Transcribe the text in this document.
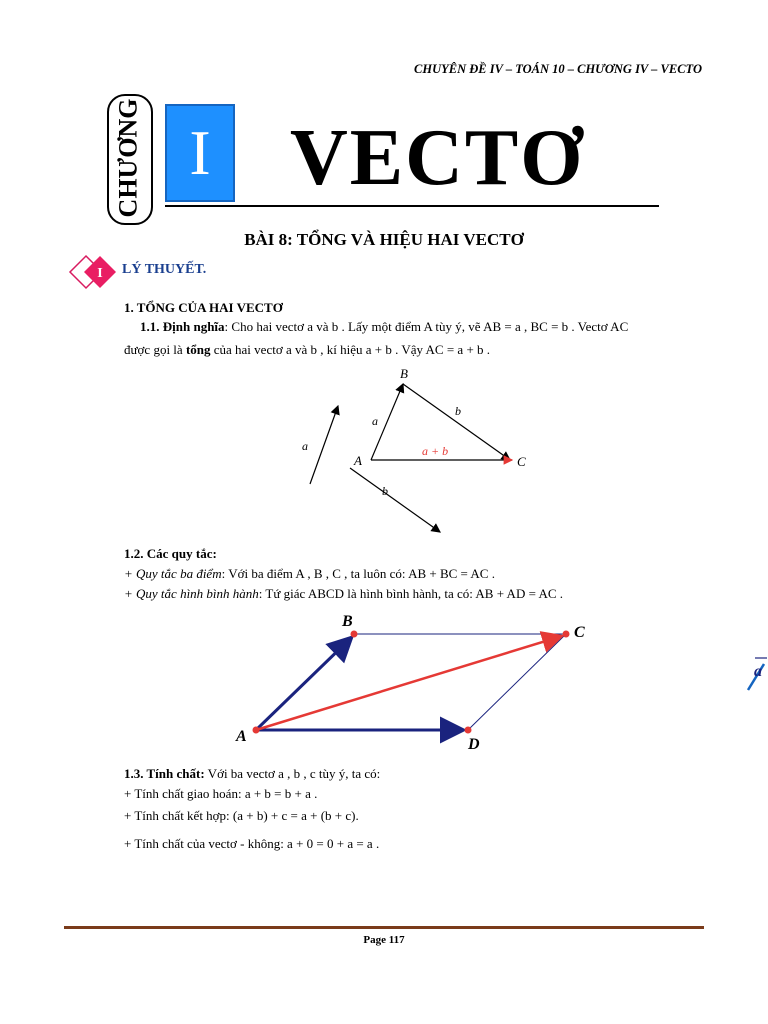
CHUYÊN ĐỀ IV – TOÁN 10 – CHƯƠNG IV – VECTO
CHƯƠNG I VECTƠ
BÀI 8: TỔNG VÀ HIỆU HAI VECTƠ
I LÝ THUYẾT.
1. TỔNG CỦA HAI VECTƠ
1.1. Định nghĩa: Cho hai vectơ a và b . Lấy một điểm A tùy ý, vẽ AB = a , BC = b . Vectơ AC
được gọi là tổng của hai vectơ a và b , kí hiệu a + b . Vậy AC = a + b .
B
A	C
a
b
a
b
a + b
1.2. Các quy tắc:
+ Quy tắc ba điểm: Với ba điểm A , B , C , ta luôn có: AB + BC = AC .
+ Quy tắc hình bình hành: Tứ giác ABCD là hình bình hành, ta có: AB + AD = AC .
A
B
C
D
a
1.3. Tính chất: Với ba vectơ a , b , c tùy ý, ta có:
+ Tính chất giao hoán: a + b = b + a .
+ Tính chất kết hợp: (a + b) + c = a + (b + c).
+ Tính chất của vectơ - không: a + 0 = 0 + a = a .
Page 117
